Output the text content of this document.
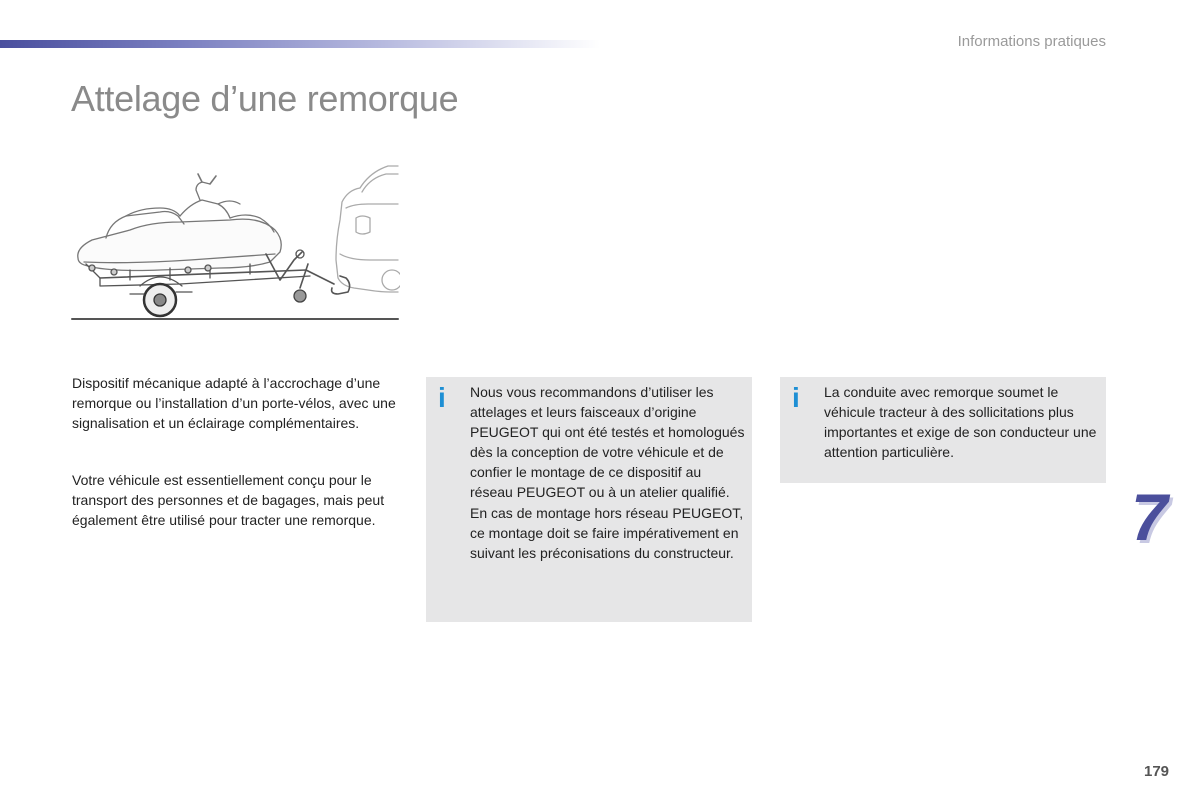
Informations pratiques
Attelage d’une remorque
Dispositif mécanique adapté à l’accrochage d’une remorque ou l’installation d’un porte-vélos, avec une signalisation et un éclairage complémentaires.
Votre véhicule est essentiellement conçu pour le transport des personnes et de bagages, mais peut également être utilisé pour tracter une remorque.
i Nous vous recommandons d’utiliser les attelages et leurs faisceaux d’origine PEUGEOT qui ont été testés et homologués dès la conception de votre véhicule et de confier le montage de ce dispositif au réseau PEUGEOT ou à un atelier qualifié.
En cas de montage hors réseau PEUGEOT, ce montage doit se faire impérativement en suivant les préconisations du constructeur.
i La conduite avec remorque soumet le véhicule tracteur à des sollicitations plus importantes et exige de son conducteur une attention particulière.
7
179
